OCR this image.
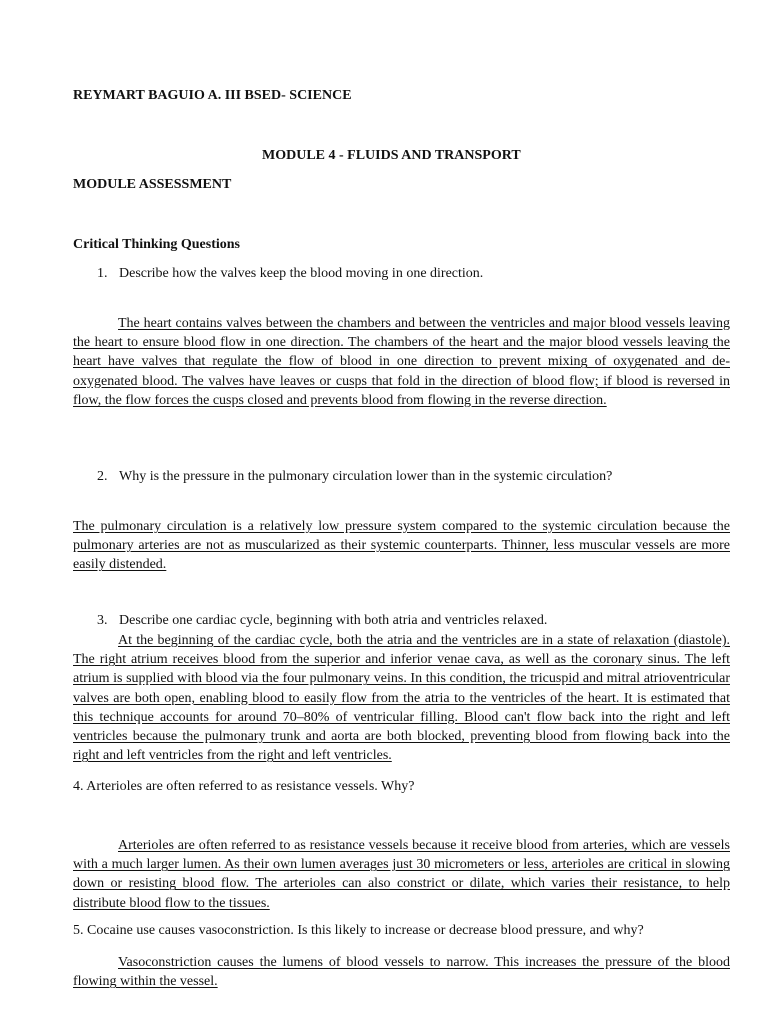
REYMART BAGUIO A. III BSED- SCIENCE
MODULE 4 - FLUIDS AND TRANSPORT
MODULE ASSESSMENT
Critical Thinking Questions
1. Describe how the valves keep the blood moving in one direction.
The heart contains valves between the chambers and between the ventricles and major blood vessels leaving the heart to ensure blood flow in one direction. The chambers of the heart and the major blood vessels leaving the heart have valves that regulate the flow of blood in one direction to prevent mixing of oxygenated and de-oxygenated blood. The valves have leaves or cusps that fold in the direction of blood flow; if blood is reversed in flow, the flow forces the cusps closed and prevents blood from flowing in the reverse direction.
2. Why is the pressure in the pulmonary circulation lower than in the systemic circulation?
The pulmonary circulation is a relatively low pressure system compared to the systemic circulation because the pulmonary arteries are not as muscularized as their systemic counterparts. Thinner, less muscular vessels are more easily distended.
3. Describe one cardiac cycle, beginning with both atria and ventricles relaxed.
At the beginning of the cardiac cycle, both the atria and the ventricles are in a state of relaxation (diastole). The right atrium receives blood from the superior and inferior venae cava, as well as the coronary sinus. The left atrium is supplied with blood via the four pulmonary veins. In this condition, the tricuspid and mitral atrioventricular valves are both open, enabling blood to easily flow from the atria to the ventricles of the heart. It is estimated that this technique accounts for around 70–80% of ventricular filling. Blood can't flow back into the right and left ventricles because the pulmonary trunk and aorta are both blocked, preventing blood from flowing back into the right and left ventricles from the right and left ventricles.
4. Arterioles are often referred to as resistance vessels. Why?
Arterioles are often referred to as resistance vessels because it receive blood from arteries, which are vessels with a much larger lumen. As their own lumen averages just 30 micrometers or less, arterioles are critical in slowing down or resisting blood flow. The arterioles can also constrict or dilate, which varies their resistance, to help distribute blood flow to the tissues.
5. Cocaine use causes vasoconstriction. Is this likely to increase or decrease blood pressure, and why?
Vasoconstriction causes the lumens of blood vessels to narrow. This increases the pressure of the blood flowing within the vessel.
